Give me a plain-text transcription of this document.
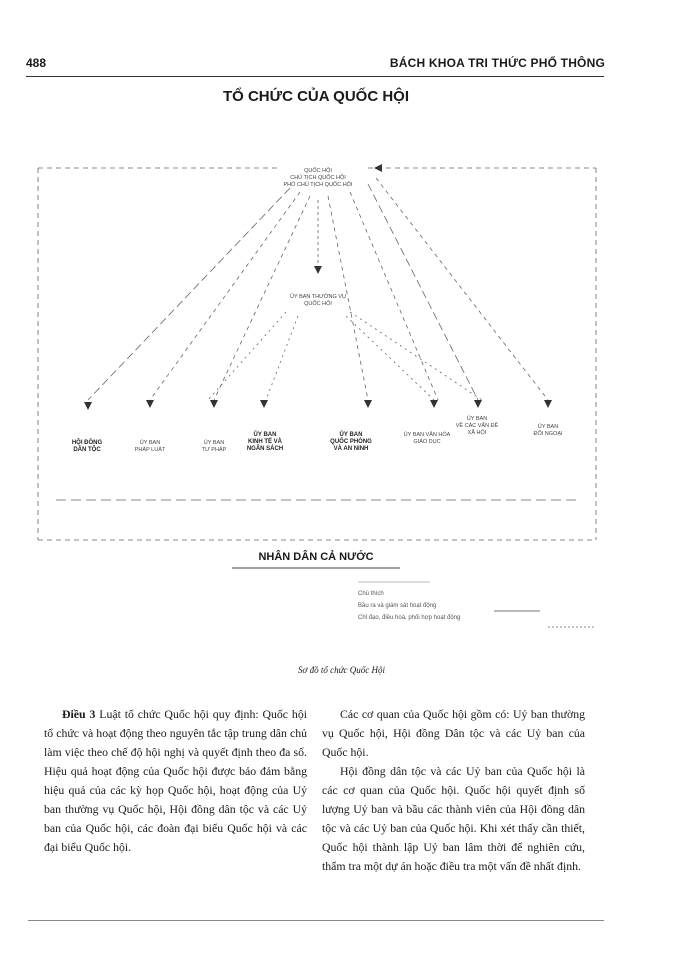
488	BÁCH KHOA TRI THỨC PHỔ THÔNG
TỔ CHỨC CỦA QUỐC HỘI
QUỐC HỘI
CHỦ TỊCH QUỐC HỘI
PHÓ CHỦ TỊCH QUỐC HỘI
ỦY BAN THƯỜNG VỤ
QUỐC HỘI
HỘI ĐỒNG
DÂN TỘC
ỦY BAN
PHÁP LUẬT
ỦY BAN
TƯ PHÁP
ỦY BAN
KINH TẾ VÀ
NGÂN SÁCH
ỦY BAN
QUỐC PHÒNG
VÀ AN NINH
ỦY BAN VĂN HÓA
GIÁO DỤC
ỦY BAN
VỀ CÁC VẤN ĐỀ
XÃ HỘI
ỦY BAN
ĐỐI NGOẠI
NHÂN DÂN CẢ NƯỚC
Chú thích
Bầu ra và giám sát hoạt động
Chỉ đạo, điều hoà, phối hợp hoạt động
Sơ đồ tổ chức Quốc Hội

Điều 3 Luật tổ chức Quốc hội quy định: Quốc hội tổ chức và hoạt động theo nguyên tắc tập trung dân chủ làm việc theo chế độ hội nghị và quyết định theo đa số. Hiệu quả hoạt động của Quốc hội được bảo đảm bằng hiệu quả của các kỳ họp Quốc hội, hoạt động của Uỷ ban thường vụ Quốc hội, Hội đồng dân tộc và các Uỷ ban của Quốc hội, các đoàn đại biểu Quốc hội và các đại biểu Quốc hội.

Các cơ quan của Quốc hội gồm có: Uỷ ban thường vụ Quốc hội, Hội đồng Dân tộc và các Uỷ ban của Quốc hội.

Hội đồng dân tộc và các Uỷ ban của Quốc hội là các cơ quan của Quốc hội. Quốc hội quyết định số lượng Uỷ ban và bầu các thành viên của Hội đồng dân tộc và các Uỷ ban của Quốc hội. Khi xét thấy cần thiết, Quốc hội thành lập Uỷ ban lâm thời để nghiên cứu, thẩm tra một dự án hoặc điều tra một vấn đề nhất định.
